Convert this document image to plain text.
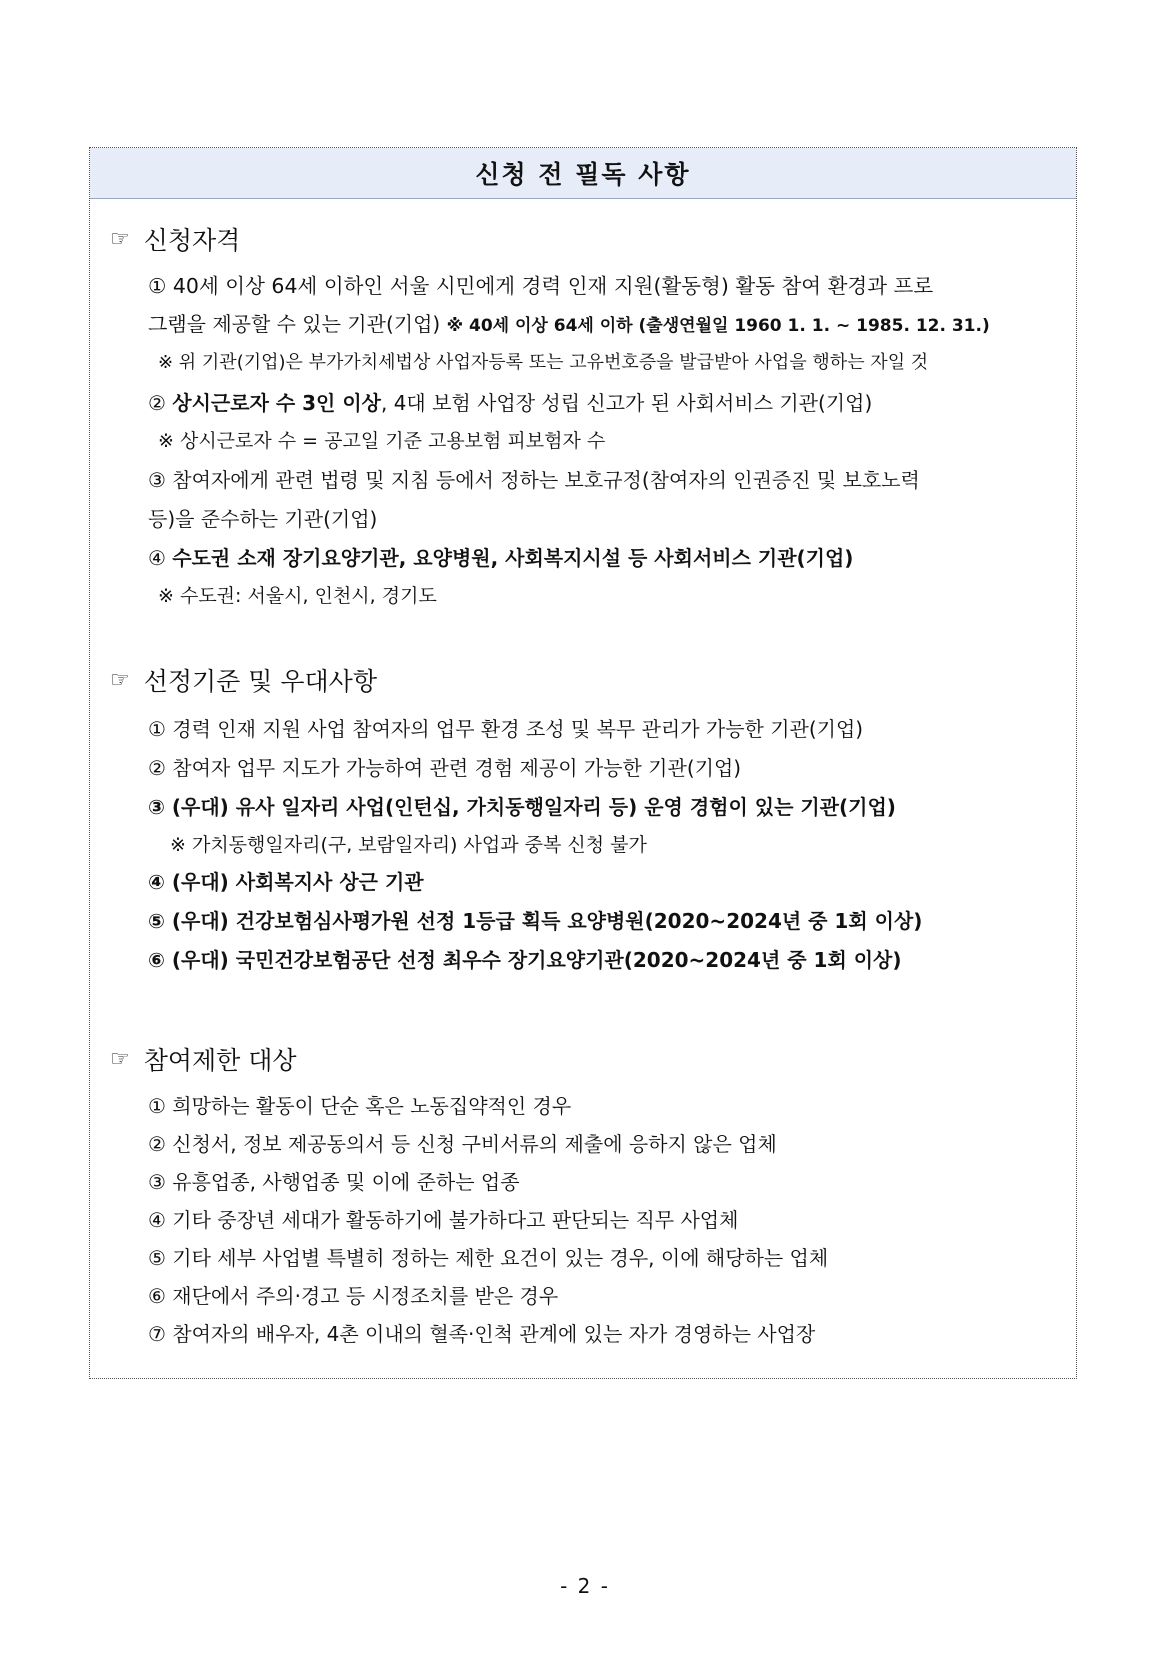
신청 전 필독 사항
☞ 신청자격
① 40세 이상 64세 이하인 서울 시민에게 경력 인재 지원(활동형) 활동 참여 환경과 프로
그램을 제공할 수 있는 기관(기업) ※ 40세 이상 64세 이하 (출생연월일 1960 1. 1. ~ 1985. 12. 31.)
※ 위 기관(기업)은 부가가치세법상 사업자등록 또는 고유번호증을 발급받아 사업을 행하는 자일 것
② 상시근로자 수 3인 이상, 4대 보험 사업장 성립 신고가 된 사회서비스 기관(기업)
※ 상시근로자 수 = 공고일 기준 고용보험 피보험자 수
③ 참여자에게 관련 법령 및 지침 등에서 정하는 보호규정(참여자의 인권증진 및 보호노력
등)을 준수하는 기관(기업)
④ 수도권 소재 장기요양기관, 요양병원, 사회복지시설 등 사회서비스 기관(기업)
※ 수도권: 서울시, 인천시, 경기도
☞ 선정기준 및 우대사항
① 경력 인재 지원 사업 참여자의 업무 환경 조성 및 복무 관리가 가능한 기관(기업)
② 참여자 업무 지도가 가능하여 관련 경험 제공이 가능한 기관(기업)
③ (우대) 유사 일자리 사업(인턴십, 가치동행일자리 등) 운영 경험이 있는 기관(기업)
※ 가치동행일자리(구, 보람일자리) 사업과 중복 신청 불가
④ (우대) 사회복지사 상근 기관
⑤ (우대) 건강보험심사평가원 선정 1등급 획득 요양병원(2020~2024년 중 1회 이상)
⑥ (우대) 국민건강보험공단 선정 최우수 장기요양기관(2020~2024년 중 1회 이상)
☞ 참여제한 대상
① 희망하는 활동이 단순 혹은 노동집약적인 경우
② 신청서, 정보 제공동의서 등 신청 구비서류의 제출에 응하지 않은 업체
③ 유흥업종, 사행업종 및 이에 준하는 업종
④ 기타 중장년 세대가 활동하기에 불가하다고 판단되는 직무 사업체
⑤ 기타 세부 사업별 특별히 정하는 제한 요건이 있는 경우, 이에 해당하는 업체
⑥ 재단에서 주의·경고 등 시정조치를 받은 경우
⑦ 참여자의 배우자, 4촌 이내의 혈족·인척 관계에 있는 자가 경영하는 사업장
- 2 -
